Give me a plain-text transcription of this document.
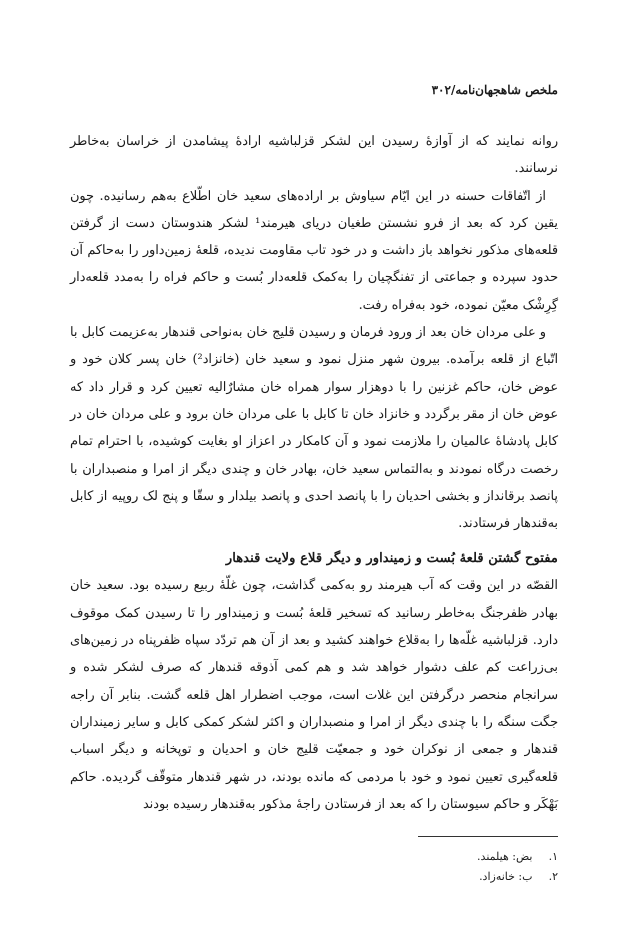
ملخص شاهجهان‌نامه/۳۰۲

روانه نمایند که از آوازهٔ رسیدن این لشکر قزلباشیه ارادهٔ پیشامدن از خراسان به‌خاطر نرسانند.

از اتّفاقات حسنه در این ایّام سیاوش بر اراده‌های سعید خان اطّلاع به‌هم رسانیده. چون یقین کرد که بعد از فرو نشستن طغیان دریای هیرمند¹ لشکر هندوستان دست از گرفتن قلعه‌های مذکور نخواهد باز داشت و در خود تاب مقاومت ندیده، قلعهٔ زمین‌داور را به‌حاکم آن حدود سپرده و جماعتی از تفنگچیان را به‌کمک قلعه‌دار بُست و حاکم فراه را به‌مدد قلعه‌دار گِرِشْک معیّن نموده، خود به‌فراه رفت.

و علی مردان خان بعد از ورود فرمان و رسیدن قلیج خان به‌نواحی قندهار به‌عزیمت کابل با اتّباع از قلعه برآمده. بیرون شهر منزل نمود و سعید خان (خانزاد²) خان پسر کلان خود و عوض خان، حاکم غزنین را با دوهزار سوار همراه خان مشارٌالیه تعیین کرد و قرار داد که عوض خان از مقر برگردد و خانزاد خان تا کابل با علی مردان خان برود و علی مردان خان در کابل پادشاهٔ عالمیان را ملازمت نمود و آن کامکار در اعزاز او بغایت کوشیده، با احترام تمام رخصت درگاه نمودند و به‌التماس سعید خان، بهادر خان و چندی دیگر از امرا و منصبداران با پانصد برقانداز و بخشی احدیان را با پانصد احدی و پانصد بیلدار و سقّا و پنج لک روپیه از کابل به‌قندهار فرستادند.

مفتوح گشتن قلعهٔ بُست و زمینداور و دیگر قلاع ولایت قندهار

القصّه در این وقت که آب هیرمند رو به‌کمی گذاشت، چون غلّهٔ ربیع رسیده بود. سعید خان بهادر ظفرجنگ به‌خاطر رسانید که تسخیر قلعهٔ بُست و زمینداور را تا رسیدن کمک موقوف دارد. قزلباشیه غلّه‌ها را به‌قلاع خواهند کشید و بعد از آن هم تردّد سپاه ظفرپناه در زمین‌های بی‌زراعت کم علف دشوار خواهد شد و هم کمی آذوقه قندهار که صرف لشکر شده و سرانجام منحصر درگرفتن این غلات است، موجب اضطرار اهل قلعه گشت. بنابر آن راجه جگت سنگه را با چندی دیگر از امرا و منصبداران و اکثر لشکر کمکی کابل و سایر زمینداران قندهار و جمعی از نوکران خود و جمعیّت قلیج خان و احدیان و توپخانه و دیگر اسباب قلعه‌گیری تعیین نمود و خود با مردمی که مانده بودند، در شهر قندهار متوقّف گردیده. حاکم بَهْکَر و حاکم سیوستان را که بعد از فرستادن راجهٔ مذکور به‌قندهار رسیده بودند

۱. بض: هیلمند.
۲. ب: خانه‌زاد.
